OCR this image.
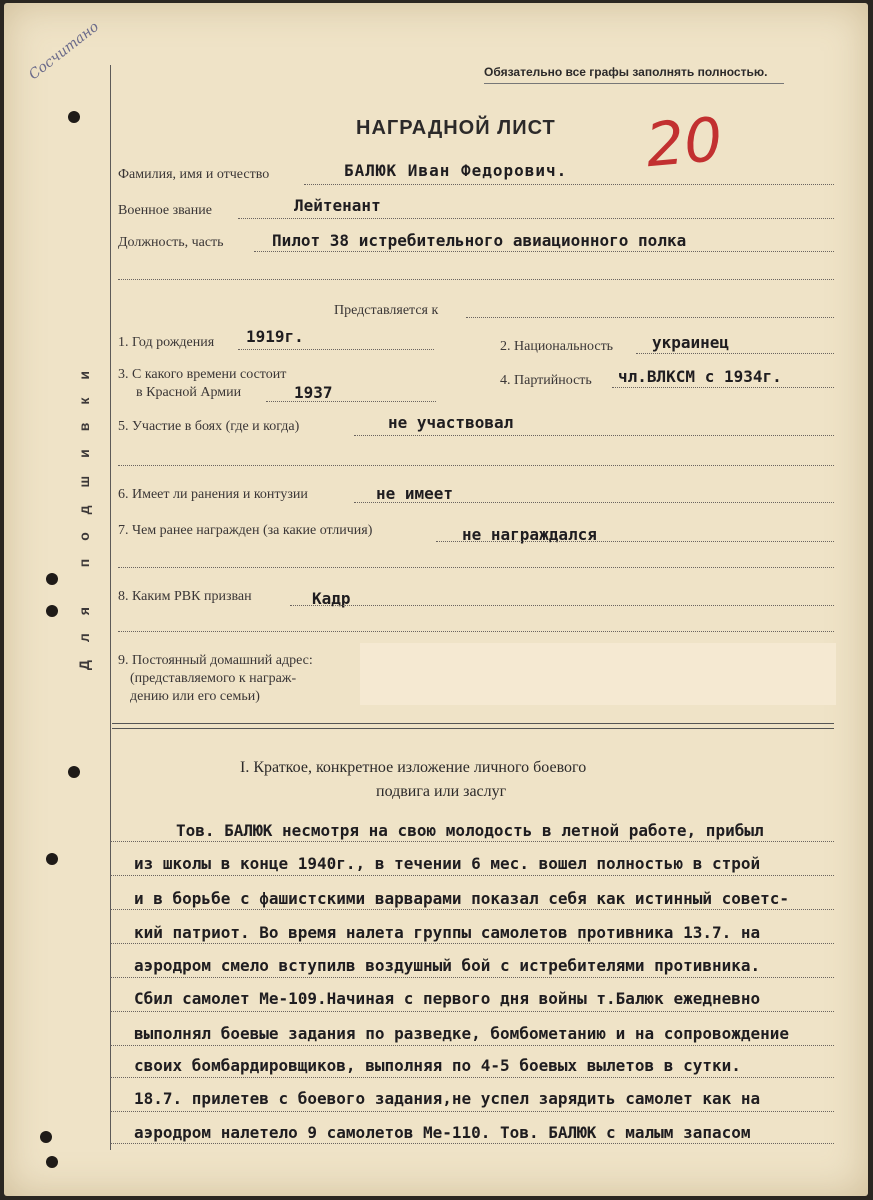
Для подшивки
Сосчитано	Обязательно все графы заполнять полностью.
НАГРАДНОЙ ЛИСТ 20
Фамилия, имя и отчество	БАЛЮК Иван Федорович.
Военное звание	Лейтенант
Должность, часть	Пилот 38 истребительного авиационного полка
Представляется к
1. Год рождения 1919г.
2. Национальность украинец
3. С какого времени состоит
в Красной Армии	1937
4. Партийность чл.ВЛКСМ с 1934г.
5. Участие в боях (где и когда)	не участвовал
6. Имеет ли ранения и контузии	не имеет
7. Чем ранее награжден (за какие отличия)	не награждался
8. Каким РВК призван	Кадр
9. Постоянный домашний адрес:
(представляемого к награж-
дению или его семьи)
I. Краткое, конкретное изложение личного боевого
подвига или заслуг
Тов. БАЛЮК несмотря на свою молодость в летной работе, прибыл
из школы в конце 1940г., в течении 6 мес. вошел полностью в строй
и в борьбе с фашистскими варварами показал себя как истинный советс-
кий патриот. Во время налета группы самолетов противника 13.7. на
аэродром смело вступилв воздушный бой с истребителями противника.
Сбил самолет Ме-109.Начиная с первого дня войны т.Балюк ежедневно
выполнял боевые задания по разведке, бомбометанию и на сопровождение
своих бомбардировщиков, выполняя по 4-5 боевых вылетов в сутки.
18.7. прилетев с боевого задания,не успел зарядить самолет как на
аэродром налетело 9 самолетов Ме-110. Тов. БАЛЮК с малым запасом
